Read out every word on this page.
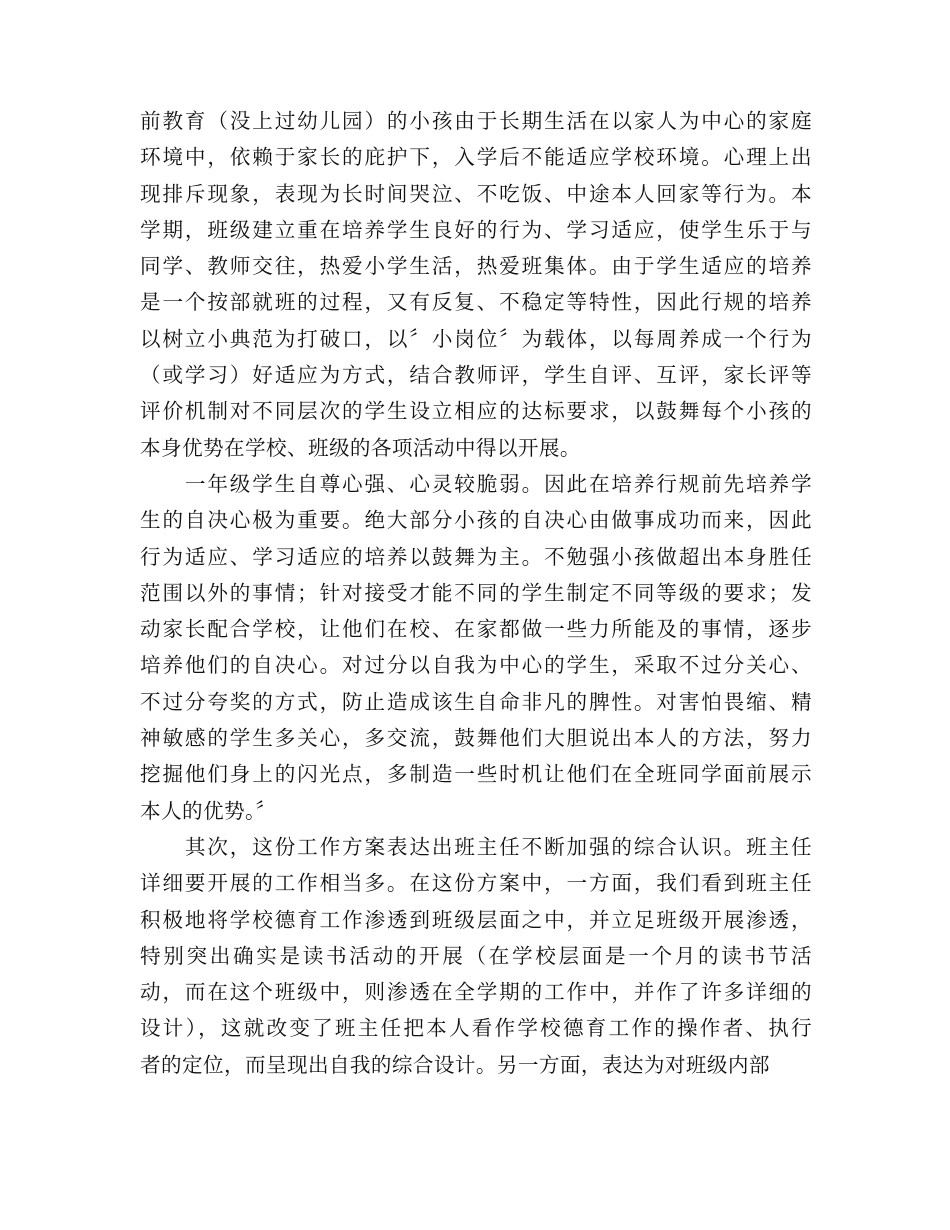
前教育（没上过幼儿园）的小孩由于长期生活在以家人为中心的家庭
环境中，依赖于家长的庇护下，入学后不能适应学校环境。心理上出
现排斥现象，表现为长时间哭泣、不吃饭、中途本人回家等行为。本
学期，班级建立重在培养学生良好的行为、学习适应，使学生乐于与
同学、教师交往，热爱小学生活，热爱班集体。由于学生适应的培养
是一个按部就班的过程，又有反复、不稳定等特性，因此行规的培养
以树立小典范为打破口，以〞小岗位〞为载体，以每周养成一个行为
（或学习）好适应为方式，结合教师评，学生自评、互评，家长评等
评价机制对不同层次的学生设立相应的达标要求，以鼓舞每个小孩的
本身优势在学校、班级的各项活动中得以开展。
　　一年级学生自尊心强、心灵较脆弱。因此在培养行规前先培养学
生的自决心极为重要。绝大部分小孩的自决心由做事成功而来，因此
行为适应、学习适应的培养以鼓舞为主。不勉强小孩做超出本身胜任
范围以外的事情；针对接受才能不同的学生制定不同等级的要求；发
动家长配合学校，让他们在校、在家都做一些力所能及的事情，逐步
培养他们的自决心。对过分以自我为中心的学生，采取不过分关心、
不过分夸奖的方式，防止造成该生自命非凡的脾性。对害怕畏缩、精
神敏感的学生多关心，多交流，鼓舞他们大胆说出本人的方法，努力
挖掘他们身上的闪光点，多制造一些时机让他们在全班同学面前展示
本人的优势。〞
　　其次，这份工作方案表达出班主任不断加强的综合认识。班主任
详细要开展的工作相当多。在这份方案中，一方面，我们看到班主任
积极地将学校德育工作渗透到班级层面之中，并立足班级开展渗透，
特别突出确实是读书活动的开展（在学校层面是一个月的读书节活
动，而在这个班级中，则渗透在全学期的工作中，并作了许多详细的
设计），这就改变了班主任把本人看作学校德育工作的操作者、执行
者的定位，而呈现出自我的综合设计。另一方面，表达为对班级内部
